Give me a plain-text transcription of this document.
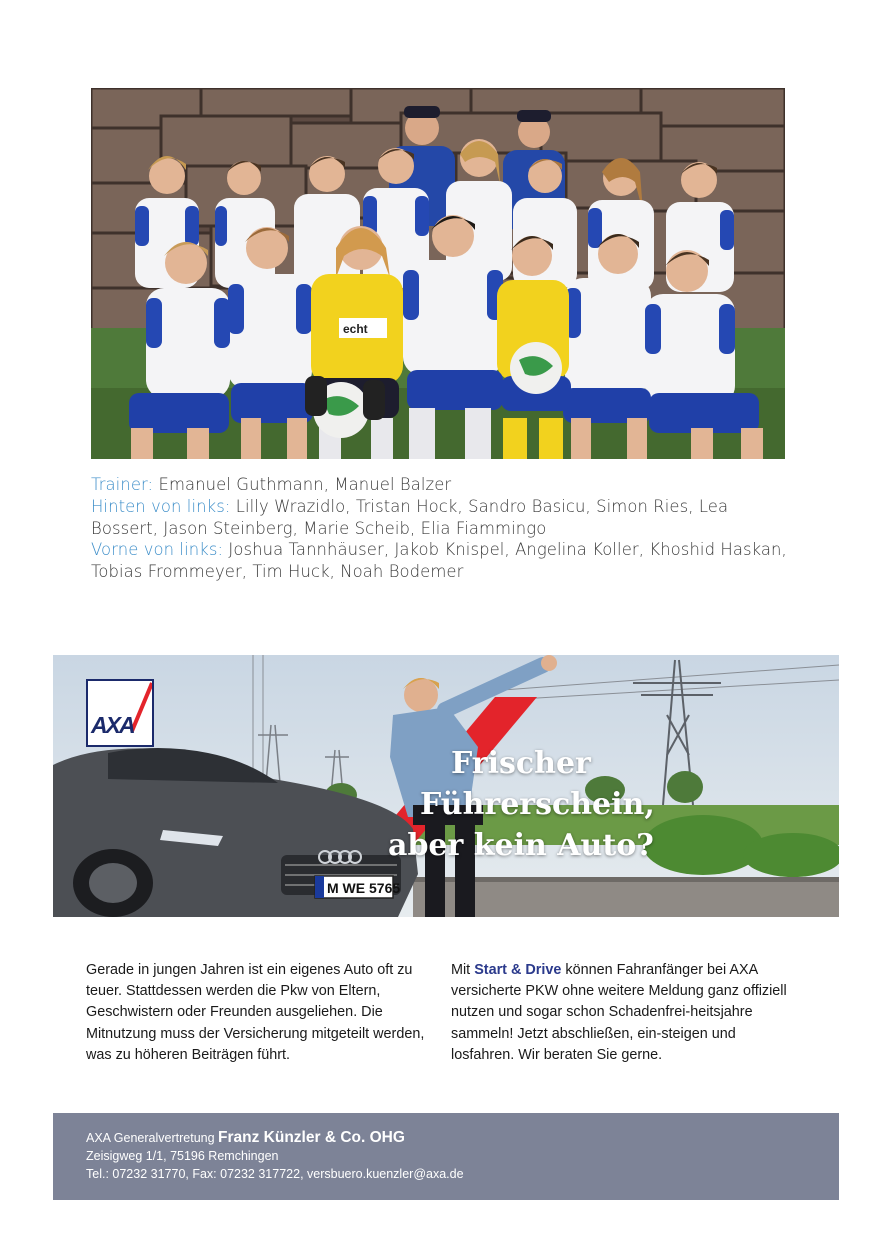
echt
Trainer: Emanuel Guthmann, Manuel Balzer
Hinten von links: Lilly Wrazidlo, Tristan Hock, Sandro Basicu, Simon Ries, Lea Bossert, Jason Steinberg, Marie Scheib, Elia Fiammingo
Vorne von links: Joshua Tannhäuser, Jakob Knispel, Angelina Koller, Khoshid Haskan, Tobias Frommeyer, Tim Huck, Noah Bodemer
M WE 5765
AXA
Frischer
Führerschein,
aber kein Auto?
Gerade in jungen Jahren ist ein eigenes Auto oft zu teuer. Stattdessen werden die Pkw von Eltern, Geschwistern oder Freunden ausgeliehen. Die Mitnutzung muss der Versicherung mitgeteilt werden, was zu höheren Beiträgen führt.
Mit Start & Drive können Fahranfänger bei AXA versicherte PKW ohne weitere Meldung ganz offiziell nutzen und sogar schon Schadenfrei-heitsjahre sammeln! Jetzt abschließen, ein-steigen und losfahren. Wir beraten Sie gerne.
AXA Generalvertretung Franz Künzler & Co. OHG
Zeisigweg 1/1, 75196 Remchingen
Tel.: 07232 31770, Fax: 07232 317722, versbuero.kuenzler@axa.de
